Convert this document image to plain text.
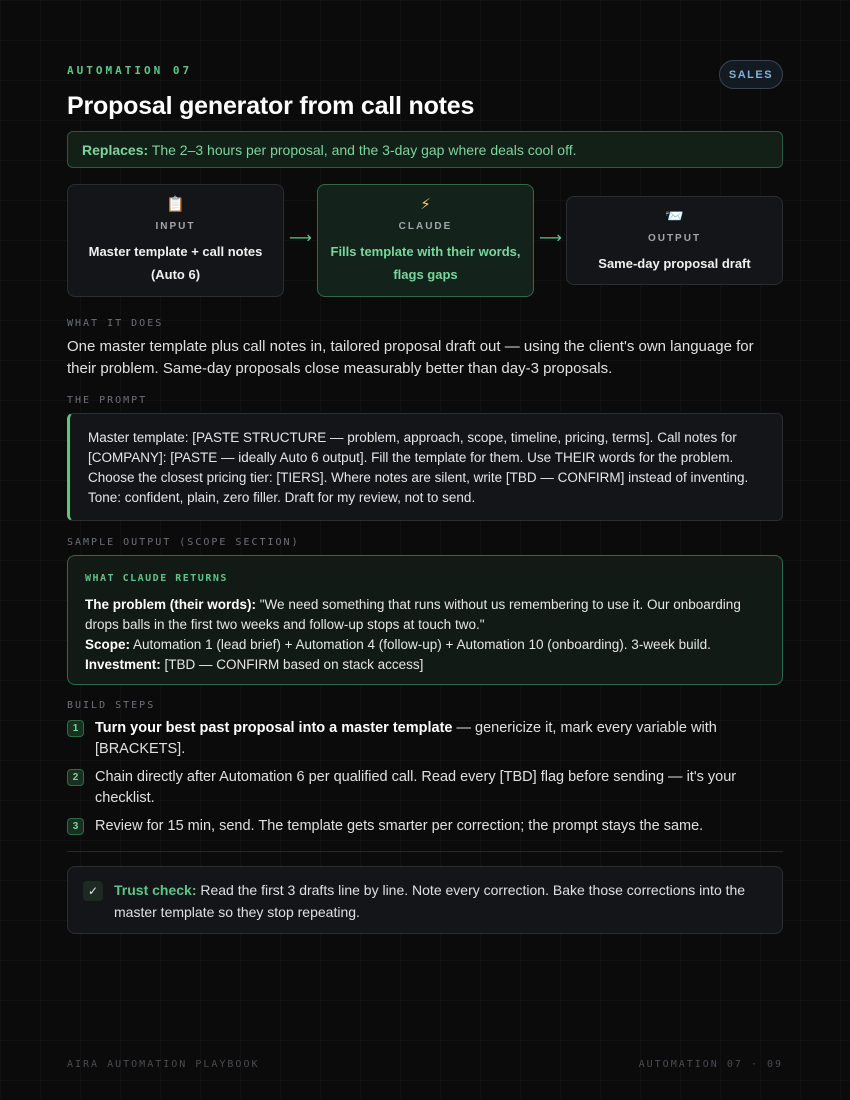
AUTOMATION 07	SALES
Proposal generator from call notes
Replaces: The 2–3 hours per proposal, and the 3-day gap where deals cool off.
📋
INPUT
Master template + call notes (Auto 6)
⟶
⚡
CLAUDE
Fills template with their words, flags gaps
⟶
📨
OUTPUT
Same-day proposal draft
WHAT IT DOES
One master template plus call notes in, tailored proposal draft out — using the client's own language for their problem. Same-day proposals close measurably better than day-3 proposals.
THE PROMPT
Master template: [PASTE STRUCTURE — problem, approach, scope, timeline, pricing, terms]. Call notes for [COMPANY]: [PASTE — ideally Auto 6 output]. Fill the template for them. Use THEIR words for the problem. Choose the closest pricing tier: [TIERS]. Where notes are silent, write [TBD — CONFIRM] instead of inventing. Tone: confident, plain, zero filler. Draft for my review, not to send.
SAMPLE OUTPUT (SCOPE SECTION)
WHAT CLAUDE RETURNS
The problem (their words): "We need something that runs without us remembering to use it. Our onboarding drops balls in the first two weeks and follow-up stops at touch two."
Scope: Automation 1 (lead brief) + Automation 4 (follow-up) + Automation 10 (onboarding). 3-week build.
Investment: [TBD — CONFIRM based on stack access]
BUILD STEPS
1	Turn your best past proposal into a master template — genericize it, mark every variable with [BRACKETS].
2	Chain directly after Automation 6 per qualified call. Read every [TBD] flag before sending — it's your checklist.
3	Review for 15 min, send. The template gets smarter per correction; the prompt stays the same.
✓	Trust check: Read the first 3 drafts line by line. Note every correction. Bake those corrections into the master template so they stop repeating.
AIRA AUTOMATION PLAYBOOK	AUTOMATION 07 · 09
